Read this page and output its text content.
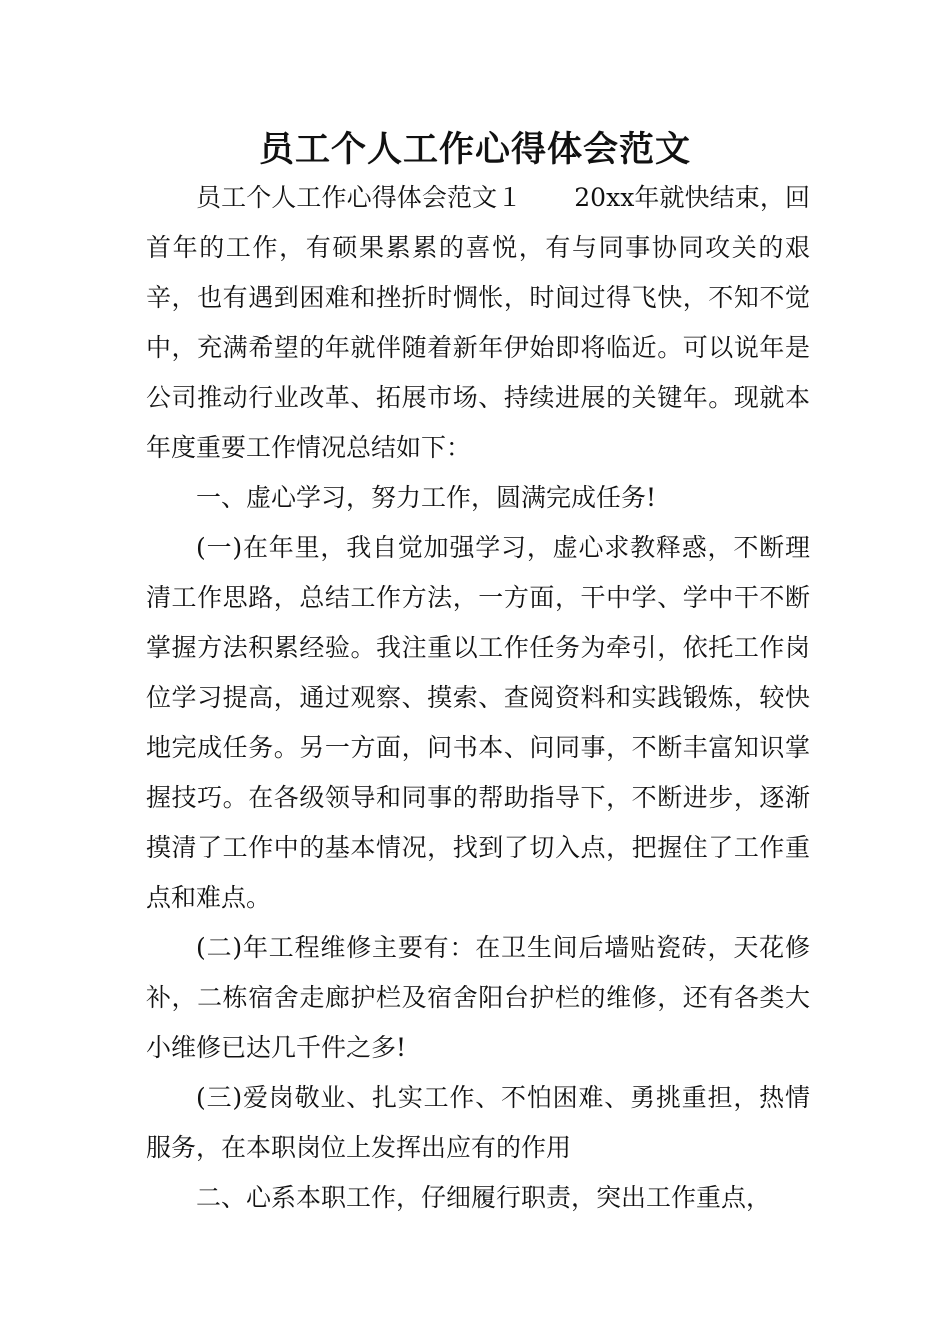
员工个人工作心得体会范文

员工个人工作心得体会范文１ 20xx年就快结束，回首年的工作，有硕果累累的喜悦，有与同事协同攻关的艰辛，也有遇到困难和挫折时惆怅，时间过得飞快，不知不觉中，充满希望的年就伴随着新年伊始即将临近。可以说年是公司推动行业改革、拓展市场、持续进展的关键年。现就本年度重要工作情况总结如下：

一、虚心学习，努力工作，圆满完成任务!

(一)在年里，我自觉加强学习，虚心求教释惑，不断理清工作思路，总结工作方法，一方面，干中学、学中干不断掌握方法积累经验。我注重以工作任务为牵引，依托工作岗位学习提高，通过观察、摸索、查阅资料和实践锻炼，较快地完成任务。另一方面，问书本、问同事，不断丰富知识掌握技巧。在各级领导和同事的帮助指导下，不断进步，逐渐摸清了工作中的基本情况，找到了切入点，把握住了工作重点和难点。

(二)年工程维修主要有：在卫生间后墙贴瓷砖，天花修补，二栋宿舍走廊护栏及宿舍阳台护栏的维修，还有各类大小维修已达几千件之多!

(三)爱岗敬业、扎实工作、不怕困难、勇挑重担，热情服务，在本职岗位上发挥出应有的作用

二、心系本职工作，仔细履行职责，突出工作重点，
